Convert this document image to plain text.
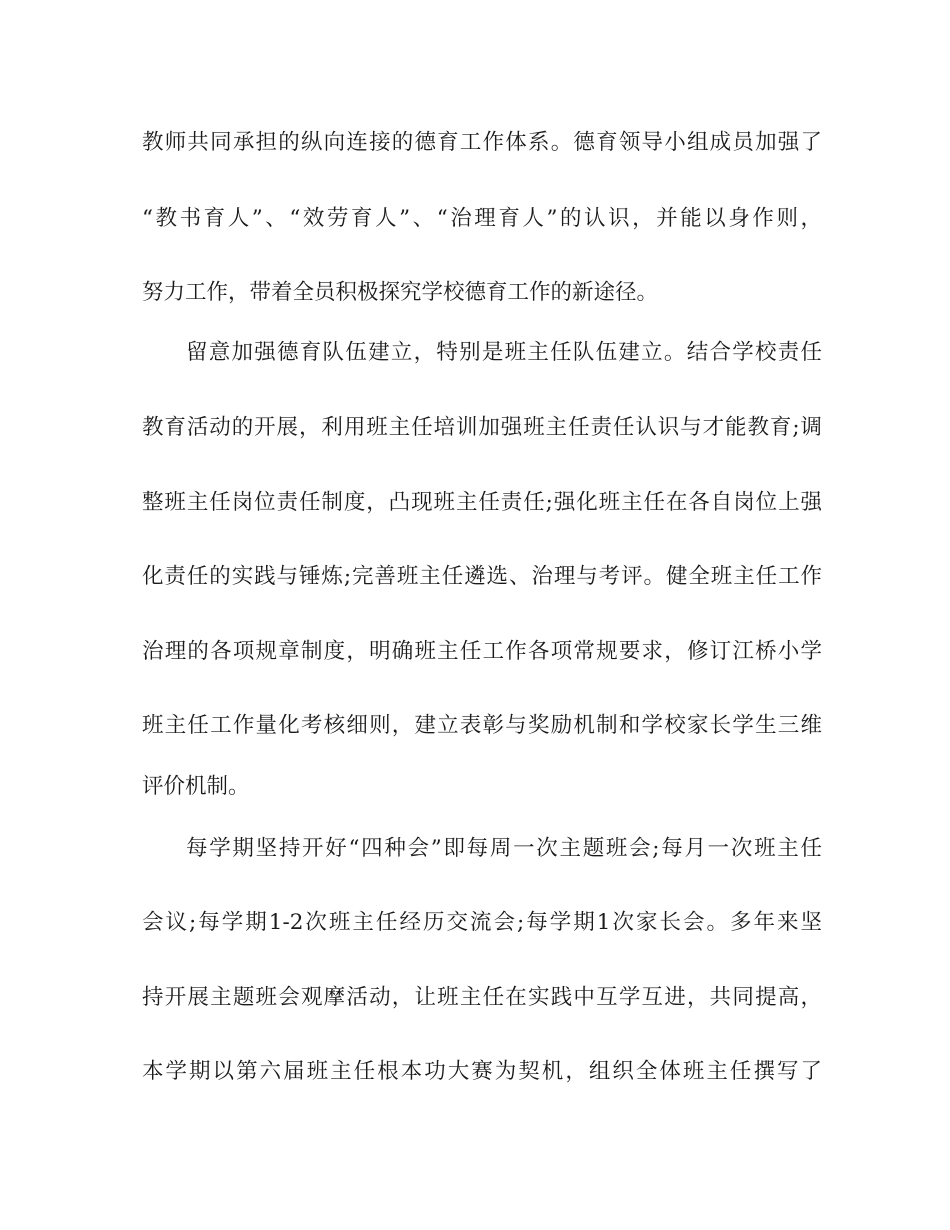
教师共同承担的纵向连接的德育工作体系。德育领导小组成员加强了
“教书育人”、“效劳育人”、“治理育人”的认识，并能以身作则，
努力工作，带着全员积极探究学校德育工作的新途径。
留意加强德育队伍建立，特别是班主任队伍建立。结合学校责任
教育活动的开展，利用班主任培训加强班主任责任认识与才能教育;调
整班主任岗位责任制度，凸现班主任责任;强化班主任在各自岗位上强
化责任的实践与锤炼;完善班主任遴选、治理与考评。健全班主任工作
治理的各项规章制度，明确班主任工作各项常规要求，修订江桥小学
班主任工作量化考核细则，建立表彰与奖励机制和学校家长学生三维
评价机制。
每学期坚持开好“四种会”即每周一次主题班会;每月一次班主任
会议;每学期1-2次班主任经历交流会;每学期1次家长会。多年来坚
持开展主题班会观摩活动，让班主任在实践中互学互进，共同提高，
本学期以第六届班主任根本功大赛为契机，组织全体班主任撰写了
